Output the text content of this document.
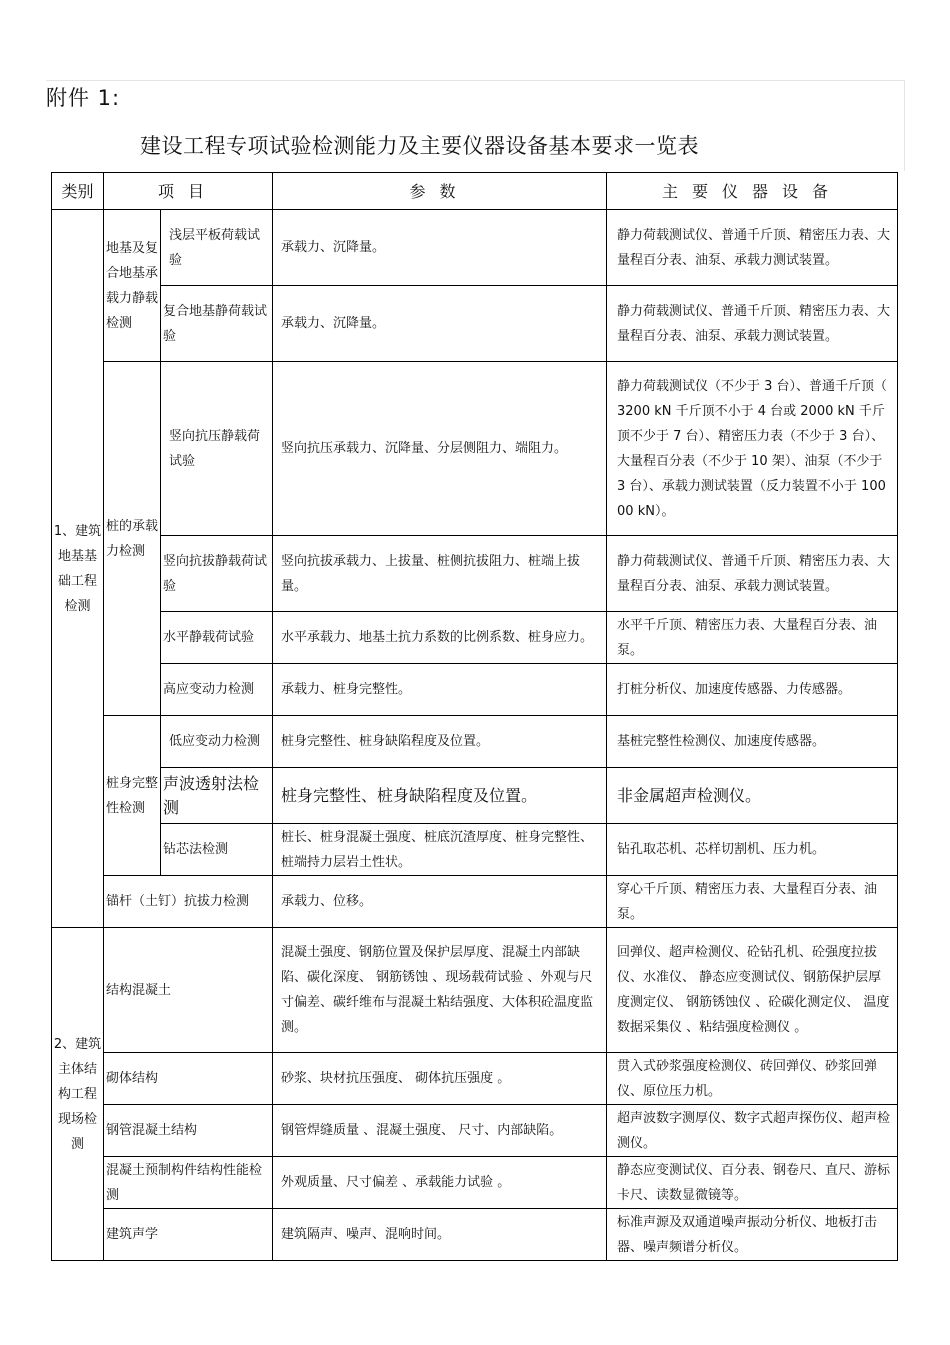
附件 1:
建设工程专项试验检测能力及主要仪器设备基本要求一览表
类别	项目		参数	主要仪器设备
1、建筑地基基础工程检测	地基及复合地基承载力静载检测	浅层平板荷载试验	承载力、沉降量。	静力荷载测试仪、普通千斤顶、精密压力表、大量程百分表、油泵、承载力测试装置。
		复合地基静荷载试验	承载力、沉降量。	静力荷载测试仪、普通千斤顶、精密压力表、大量程百分表、油泵、承载力测试装置。
	桩的承载力检测	竖向抗压静载荷试验	竖向抗压承载力、沉降量、分层侧阻力、端阻力。	静力荷载测试仪（不少于 3 台）、普通千斤顶（ 3200 kN 千斤顶不小于 4 台或 2000 kN 千斤顶不少于 7 台）、精密压力表（不少于 3 台）、大量程百分表（不少于 10 架）、油泵（不少于 3 台）、承载力测试装置（反力装置不小于 10000 kN）。
		竖向抗拔静载荷试验	竖向抗拔承载力、上拔量、桩侧抗拔阻力、桩端上拔量。	静力荷载测试仪、普通千斤顶、精密压力表、大量程百分表、油泵、承载力测试装置。
		水平静载荷试验	水平承载力、地基土抗力系数的比例系数、桩身应力。	水平千斤顶、精密压力表、大量程百分表、油泵。
		高应变动力检测	承载力、桩身完整性。	打桩分析仪、加速度传感器、力传感器。
	桩身完整性检测	低应变动力检测	桩身完整性、桩身缺陷程度及位置。	基桩完整性检测仪、加速度传感器。
		声波透射法检测	桩身完整性、桩身缺陷程度及位置。	非金属超声检测仪。
		钻芯法检测	桩长、桩身混凝土强度、桩底沉渣厚度、桩身完整性、桩端持力层岩土性状。	钻孔取芯机、芯样切割机、压力机。
	锚杆（土钉）抗拔力检测		承载力、位移。	穿心千斤顶、精密压力表、大量程百分表、油泵。
2、建筑主体结构工程现场检测	结构混凝土		混凝土强度、钢筋位置及保护层厚度、混凝土内部缺陷、碳化深度、 钢筋锈蚀 、现场载荷试验 、外观与尺寸偏差、碳纤维布与混凝土粘结强度、大体积砼温度监测。	回弹仪、超声检测仪、砼钻孔机、砼强度拉拔仪、水准仪、 静态应变测试仪、钢筋保护层厚度测定仪、 钢筋锈蚀仪 、砼碳化测定仪、 温度数据采集仪 、粘结强度检测仪 。
	砌体结构		砂浆、块材抗压强度、 砌体抗压强度 。	贯入式砂浆强度检测仪、砖回弹仪、砂浆回弹仪、原位压力机。
	钢管混凝土结构		钢管焊缝质量 、混凝土强度、 尺寸、内部缺陷。	超声波数字测厚仪、数字式超声探伤仪、超声检测仪。
	混凝土预制构件结构性能检测		外观质量、尺寸偏差 、承载能力试验 。	静态应变测试仪、百分表、钢卷尺、直尺、游标卡尺、读数显微镜等。
	建筑声学		建筑隔声、噪声、混响时间。	标准声源及双通道噪声振动分析仪、地板打击器、噪声频谱分析仪。
